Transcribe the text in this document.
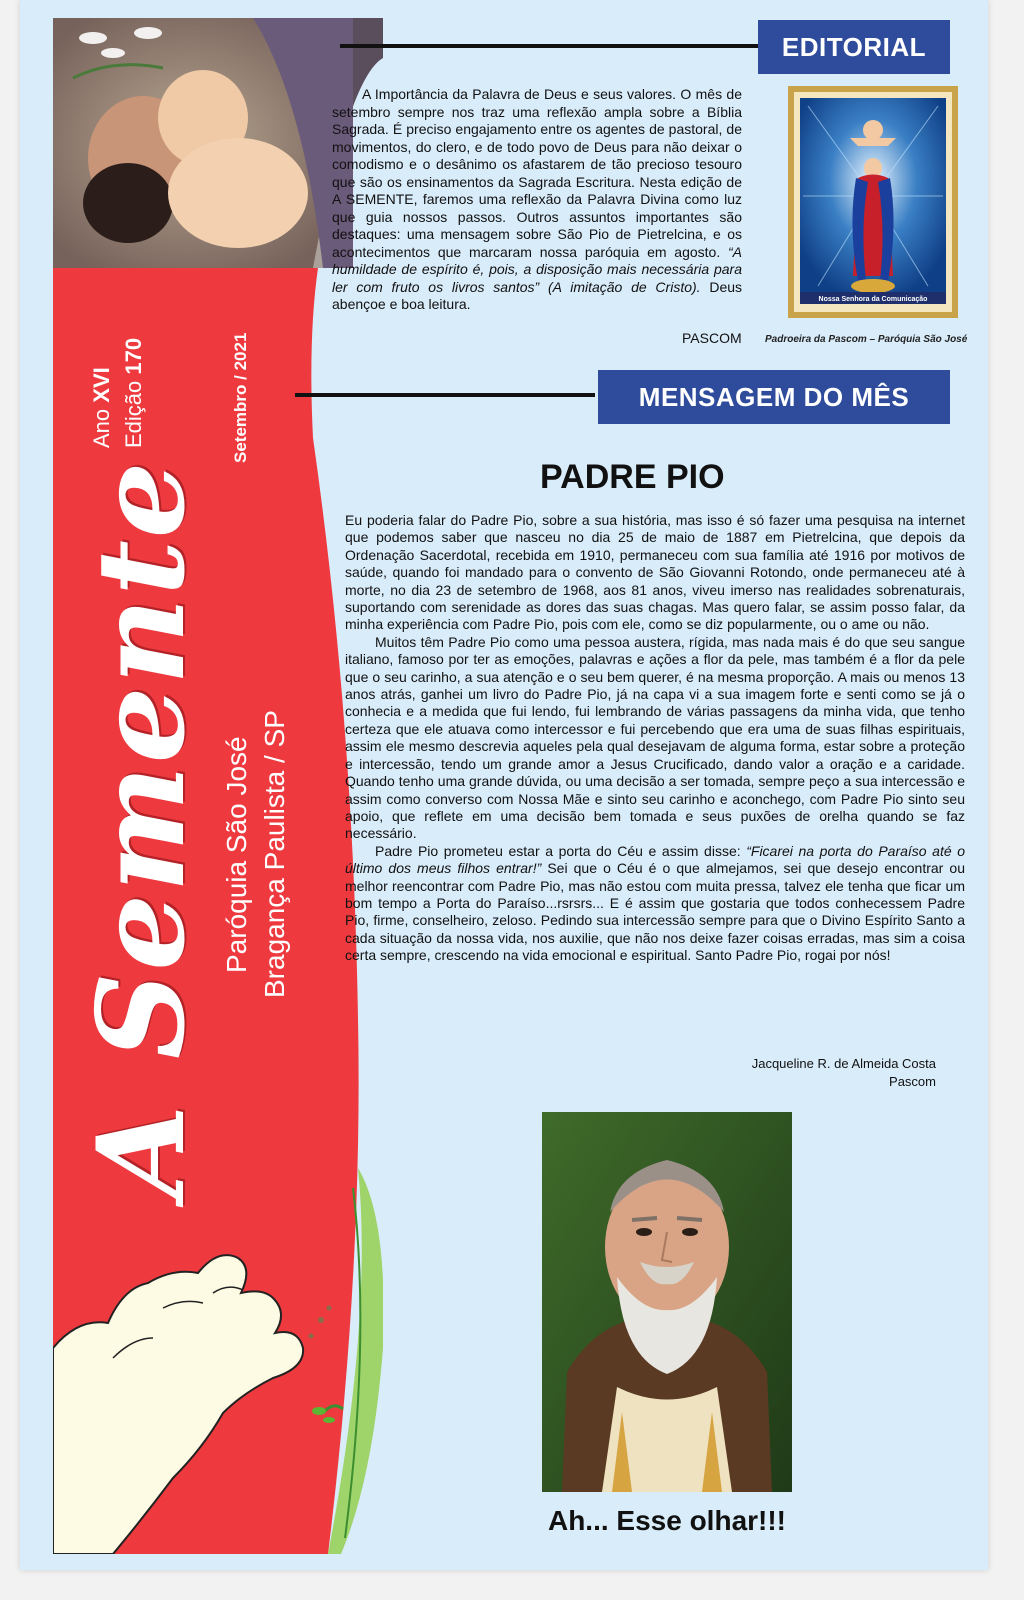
Ano XVI Edição 170	Setembro / 2021
A Semente Paróquia São José Bragança Paulista / SP
EDITORIAL
A Importância da Palavra de Deus e seus valores. O mês de setembro sempre nos traz uma reflexão ampla sobre a Bíblia Sagrada. É preciso engajamento entre os agentes de pastoral, de movimentos, do clero, e de todo povo de Deus para não deixar o comodismo e o desânimo os afastarem de tão precioso tesouro que são os ensinamentos da Sagrada Escritura. Nesta edição de A SEMENTE, faremos uma reflexão da Palavra Divina como luz que guia nossos passos. Outros assuntos importantes são destaques: uma mensagem sobre São Pio de Pietrelcina, e os acontecimentos que marcaram nossa paróquia em agosto. “A humildade de espírito é, pois, a disposição mais necessária para ler com fruto os livros santos” (A imitação de Cristo). Deus abençoe e boa leitura.
PASCOM
Nossa Senhora da Comunicação
Padroeira da Pascom – Paróquia São José
MENSAGEM DO MÊS
PADRE PIO

Eu poderia falar do Padre Pio, sobre a sua história, mas isso é só fazer uma pesquisa na internet que podemos saber que nasceu no dia 25 de maio de 1887 em Pietrelcina, que depois da Ordenação Sacerdotal, recebida em 1910, permaneceu com sua família até 1916 por motivos de saúde, quando foi mandado para o convento de São Giovanni Rotondo, onde permaneceu até à morte, no dia 23 de setembro de 1968, aos 81 anos, viveu imerso nas realidades sobrenaturais, suportando com serenidade as dores das suas chagas. Mas quero falar, se assim posso falar, da minha experiência com Padre Pio, pois com ele, como se diz popularmente, ou o ame ou não.

Muitos têm Padre Pio como uma pessoa austera, rígida, mas nada mais é do que seu sangue italiano, famoso por ter as emoções, palavras e ações a flor da pele, mas também é a flor da pele que o seu carinho, a sua atenção e o seu bem querer, é na mesma proporção. A mais ou menos 13 anos atrás, ganhei um livro do Padre Pio, já na capa vi a sua imagem forte e senti como se já o conhecia e a medida que fui lendo, fui lembrando de várias passagens da minha vida, que tenho certeza que ele atuava como intercessor e fui percebendo que era uma de suas filhas espirituais, assim ele mesmo descrevia aqueles pela qual desejavam de alguma forma, estar sobre a proteção e intercessão, tendo um grande amor a Jesus Crucificado, dando valor a oração e a caridade. Quando tenho uma grande dúvida, ou uma decisão a ser tomada, sempre peço a sua intercessão e assim como converso com Nossa Mãe e sinto seu carinho e aconchego, com Padre Pio sinto seu apoio, que reflete em uma decisão bem tomada e seus puxões de orelha quando se faz necessário.

Padre Pio prometeu estar a porta do Céu e assim disse: “Ficarei na porta do Paraíso até o último dos meus filhos entrar!” Sei que o Céu é o que almejamos, sei que desejo encontrar ou melhor reencontrar com Padre Pio, mas não estou com muita pressa, talvez ele tenha que ficar um bom tempo a Porta do Paraíso...rsrsrs... E é assim que gostaria que todos conhecessem Padre Pio, firme, conselheiro, zeloso. Pedindo sua intercessão sempre para que o Divino Espírito Santo a cada situação da nossa vida, nos auxilie, que não nos deixe fazer coisas erradas, mas sim a coisa certa sempre, crescendo na vida emocional e espiritual. Santo Padre Pio, rogai por nós!

Jacqueline R. de Almeida Costa
Pascom
Ah... Esse olhar!!!
